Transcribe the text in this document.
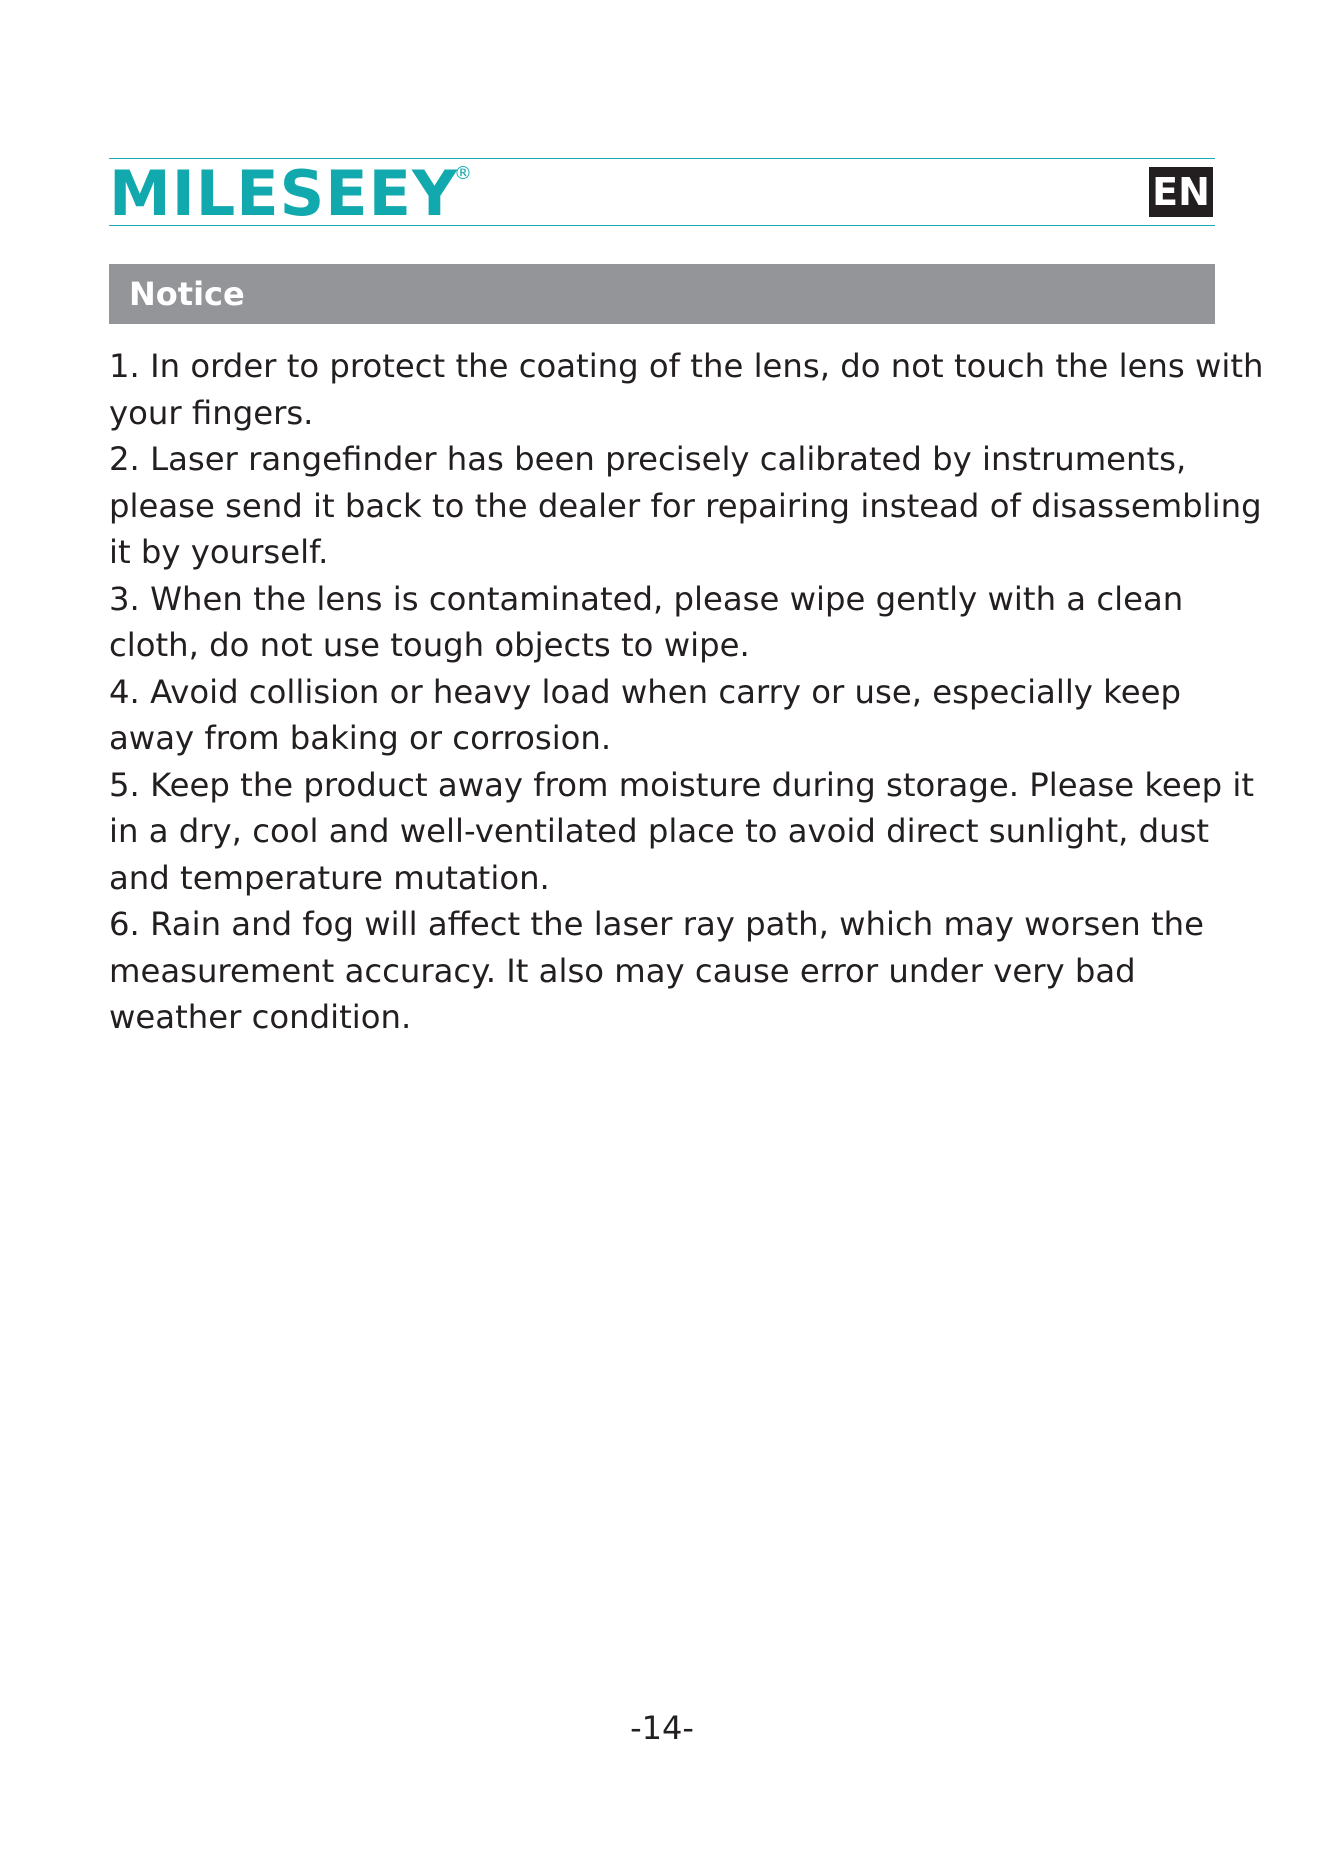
MILESEEY
®	EN
Notice
1. In order to protect the coating of the lens, do not touch the lens with
your fingers.
2. Laser rangefinder has been precisely calibrated by instruments,
please send it back to the dealer for repairing instead of disassembling
it by yourself.
3. When the lens is contaminated, please wipe gently with a clean
cloth, do not use tough objects to wipe.
4. Avoid collision or heavy load when carry or use, especially keep
away from baking or corrosion.
5. Keep the product away from moisture during storage. Please keep it
in a dry, cool and well-ventilated place to avoid direct sunlight, dust
and temperature mutation.
6. Rain and fog will affect the laser ray path, which may worsen the
measurement accuracy. It also may cause error under very bad
weather condition.
-14-
